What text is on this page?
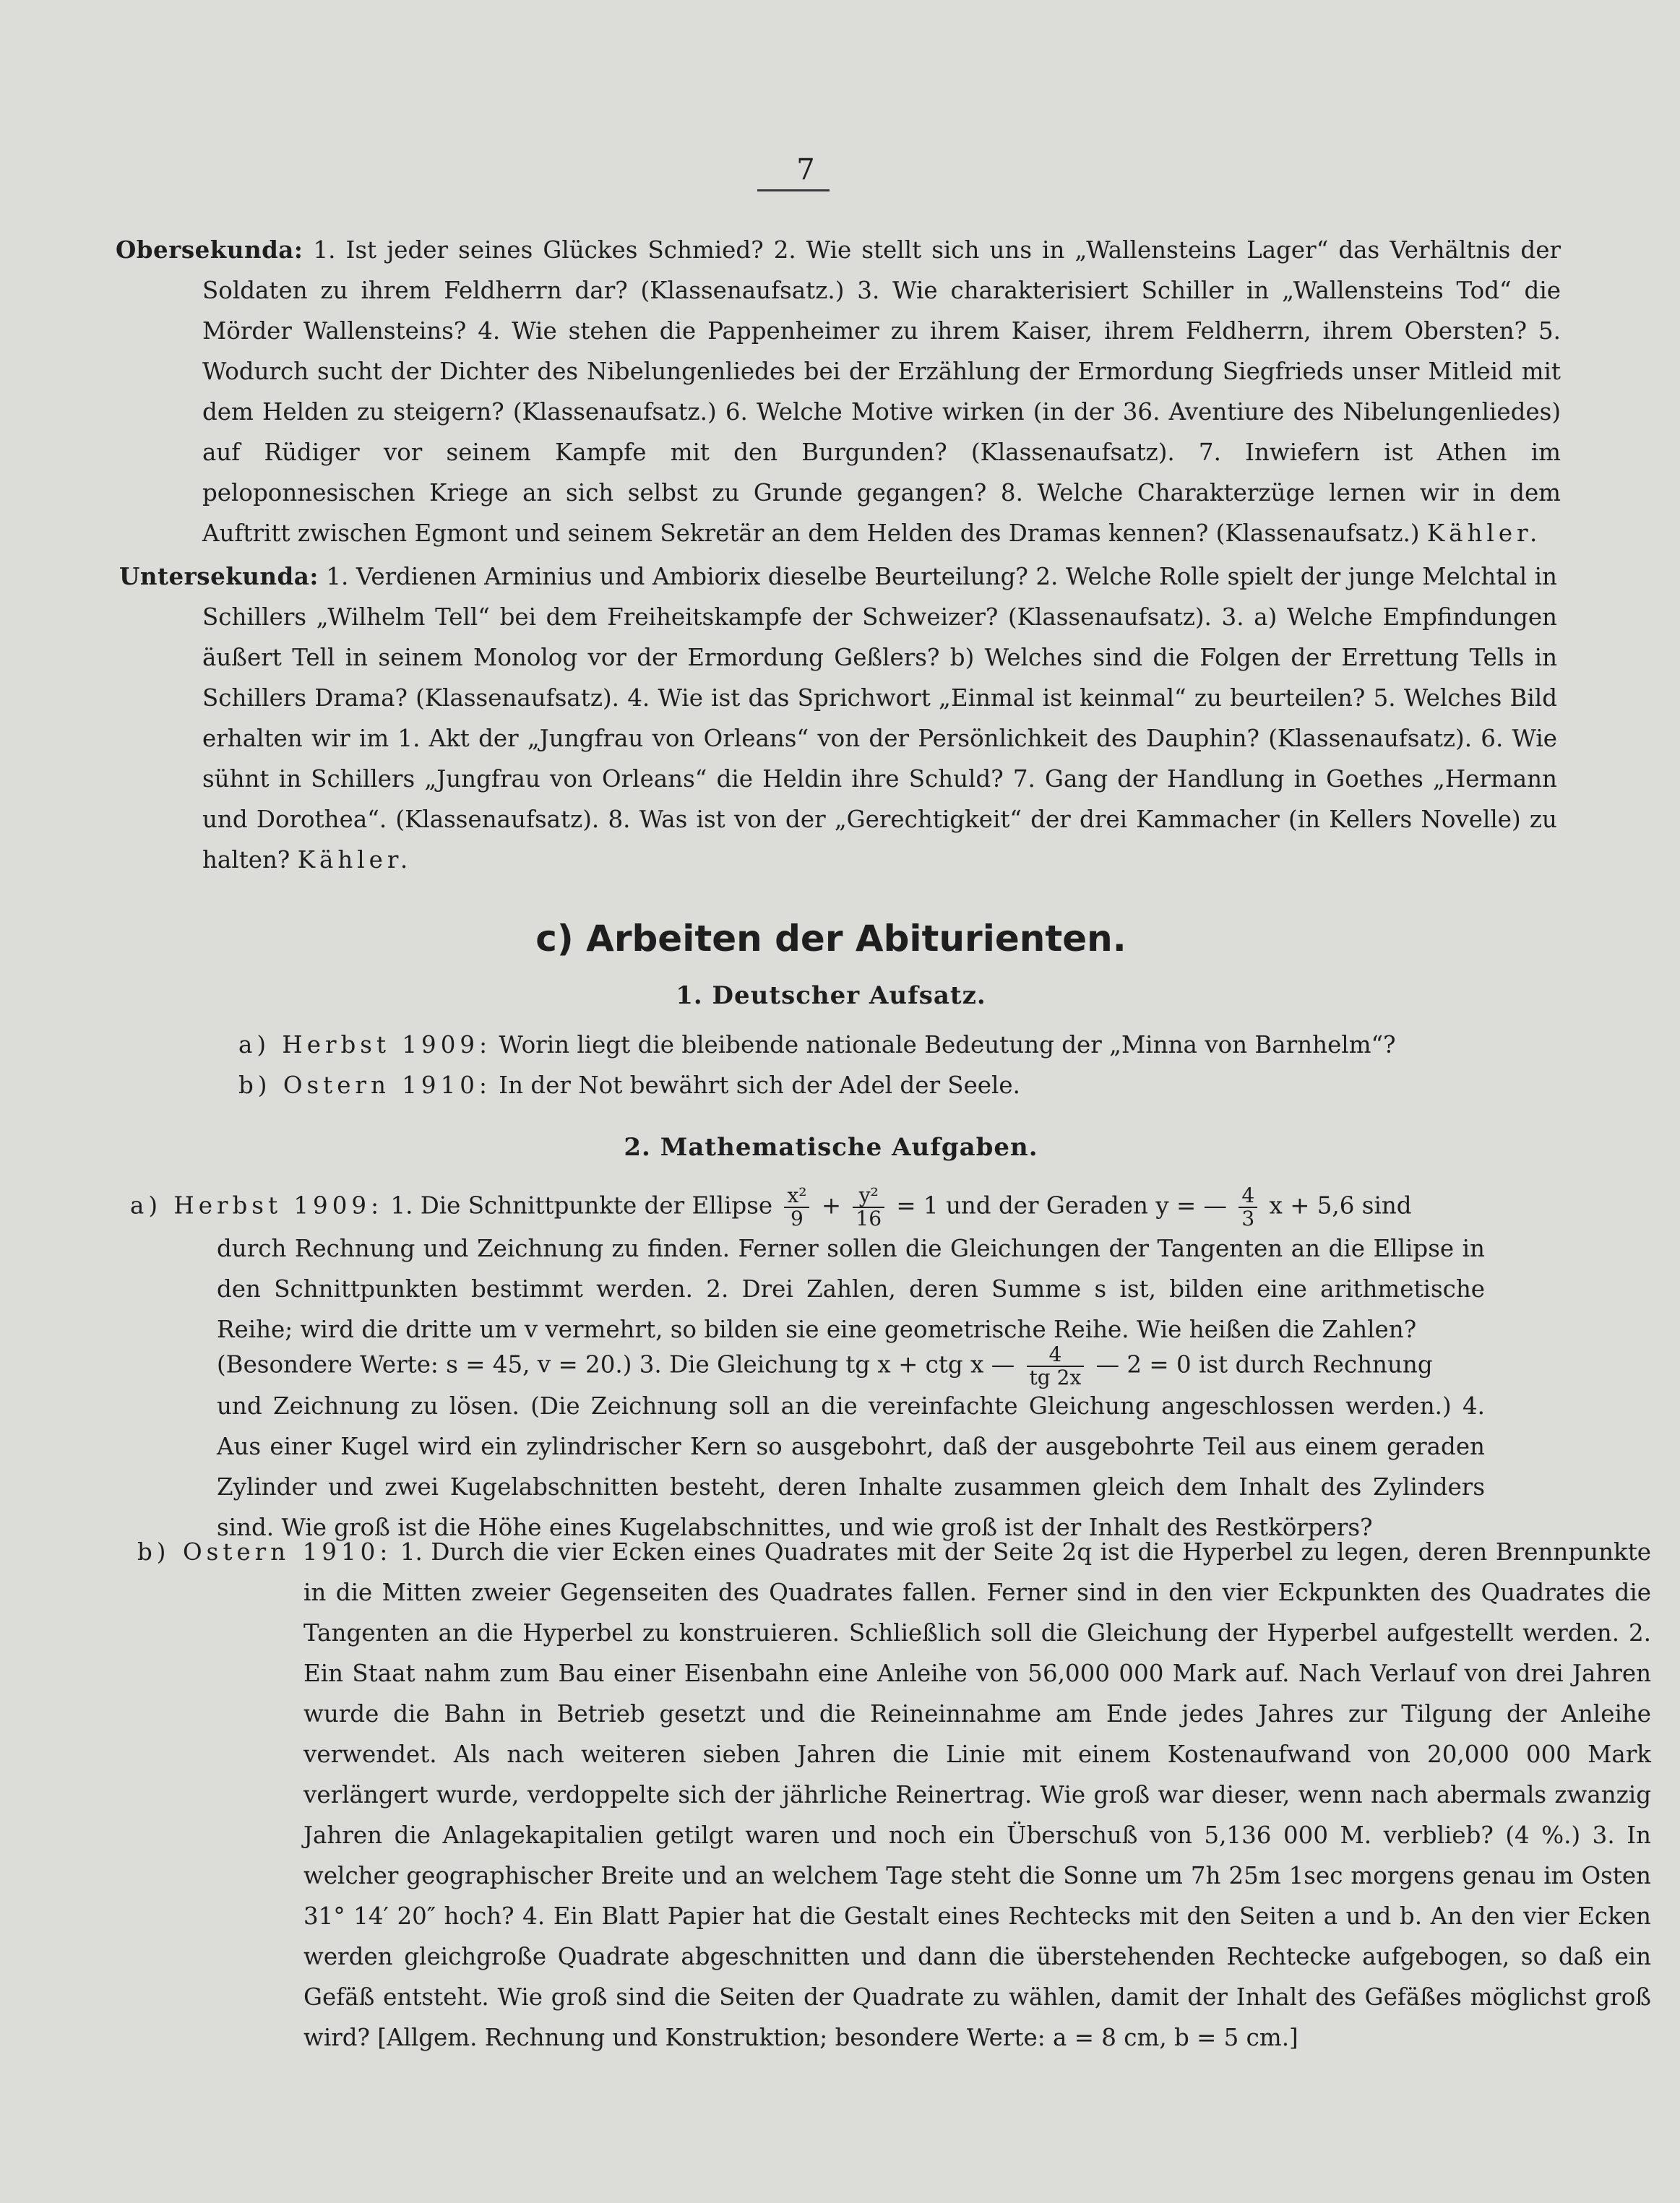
7
Obersekunda: 1. Ist jeder seines Glückes Schmied? 2. Wie stellt sich uns in „Wallensteins Lager“ das Verhältnis der Soldaten zu ihrem Feldherrn dar? (Klassenaufsatz.) 3. Wie charakterisiert Schiller in „Wallensteins Tod“ die Mörder Wallensteins? 4. Wie stehen die Pappenheimer zu ihrem Kaiser, ihrem Feldherrn, ihrem Obersten? 5. Wodurch sucht der Dichter des Nibelungenliedes bei der Erzählung der Ermordung Siegfrieds unser Mitleid mit dem Helden zu steigern? (Klassenaufsatz.) 6. Welche Motive wirken (in der 36. Aventiure des Nibelungenliedes) auf Rüdiger vor seinem Kampfe mit den Burgunden? (Klassenaufsatz). 7. Inwiefern ist Athen im peloponnesischen Kriege an sich selbst zu Grunde gegangen? 8. Welche Charakterzüge lernen wir in dem Auftritt zwischen Egmont und seinem Sekretär an dem Helden des Dramas kennen? (Klassenaufsatz.) Kähler.
Untersekunda: 1. Verdienen Arminius und Ambiorix dieselbe Beurteilung? 2. Welche Rolle spielt der junge Melchtal in Schillers „Wilhelm Tell“ bei dem Freiheitskampfe der Schweizer? (Klassenaufsatz). 3. a) Welche Empfindungen äußert Tell in seinem Monolog vor der Ermordung Geßlers? b) Welches sind die Folgen der Errettung Tells in Schillers Drama? (Klassenaufsatz). 4. Wie ist das Sprichwort „Einmal ist keinmal“ zu beurteilen? 5. Welches Bild erhalten wir im 1. Akt der „Jungfrau von Orleans“ von der Persönlichkeit des Dauphin? (Klassenaufsatz). 6. Wie sühnt in Schillers „Jungfrau von Orleans“ die Heldin ihre Schuld? 7. Gang der Handlung in Goethes „Hermann und Dorothea“. (Klassenaufsatz). 8. Was ist von der „Gerechtigkeit“ der drei Kammacher (in Kellers Novelle) zu halten? Kähler.
c) Arbeiten der Abiturienten.
1. Deutscher Aufsatz.
a) Herbst 1909: Worin liegt die bleibende nationale Bedeutung der „Minna von Barnhelm“?
b) Ostern 1910: In der Not bewährt sich der Adel der Seele.
2. Mathematische Aufgaben.
a) Herbst 1909: 1. Die Schnittpunkte der Ellipse $\frac{\text{x²}}{9} + \frac{\text{y²}}{16} = 1$ und der Geraden y = — $\frac{4}{3}$ x + 5,6 sind
durch Rechnung und Zeichnung zu finden. Ferner sollen die Gleichungen der Tangenten an die Ellipse in den Schnittpunkten bestimmt werden. 2. Drei Zahlen, deren Summe s ist, bilden eine arithmetische Reihe; wird die dritte um v vermehrt, so bilden sie eine geometrische Reihe. Wie heißen die Zahlen?
(Besondere Werte: s = 45, v = 20.) 3. Die Gleichung tg x + ctg x — $\frac{4}{tg 2x}$ — 2 = 0 ist durch Rechnung
und Zeichnung zu lösen. (Die Zeichnung soll an die vereinfachte Gleichung angeschlossen werden.) 4. Aus einer Kugel wird ein zylindrischer Kern so ausgebohrt, daß der ausgebohrte Teil aus einem geraden Zylinder und zwei Kugelabschnitten besteht, deren Inhalte zusammen gleich dem Inhalt des Zylinders sind. Wie groß ist die Höhe eines Kugelabschnittes, und wie groß ist der Inhalt des Restkörpers?
b) Ostern 1910: 1. Durch die vier Ecken eines Quadrates mit der Seite 2q ist die Hyperbel zu legen, deren Brennpunkte in die Mitten zweier Gegenseiten des Quadrates fallen. Ferner sind in den vier Eckpunkten des Quadrates die Tangenten an die Hyperbel zu konstruieren. Schließlich soll die Gleichung der Hyperbel aufgestellt werden. 2. Ein Staat nahm zum Bau einer Eisenbahn eine Anleihe von 56,000 000 Mark auf. Nach Verlauf von drei Jahren wurde die Bahn in Betrieb gesetzt und die Reineinnahme am Ende jedes Jahres zur Tilgung der Anleihe verwendet. Als nach weiteren sieben Jahren die Linie mit einem Kostenaufwand von 20,000 000 Mark verlängert wurde, verdoppelte sich der jährliche Reinertrag. Wie groß war dieser, wenn nach abermals zwanzig Jahren die Anlagekapitalien getilgt waren und noch ein Überschuß von 5,136 000 M. verblieb? (4 %.) 3. In welcher geographischer Breite und an welchem Tage steht die Sonne um 7h 25m 1sec morgens genau im Osten 31° 14′ 20″ hoch? 4. Ein Blatt Papier hat die Gestalt eines Rechtecks mit den Seiten a und b. An den vier Ecken werden gleichgroße Quadrate abgeschnitten und dann die überstehenden Rechtecke aufgebogen, so daß ein Gefäß entsteht. Wie groß sind die Seiten der Quadrate zu wählen, damit der Inhalt des Gefäßes möglichst groß wird? [Allgem. Rechnung und Konstruktion; besondere Werte: a = 8 cm, b = 5 cm.]
